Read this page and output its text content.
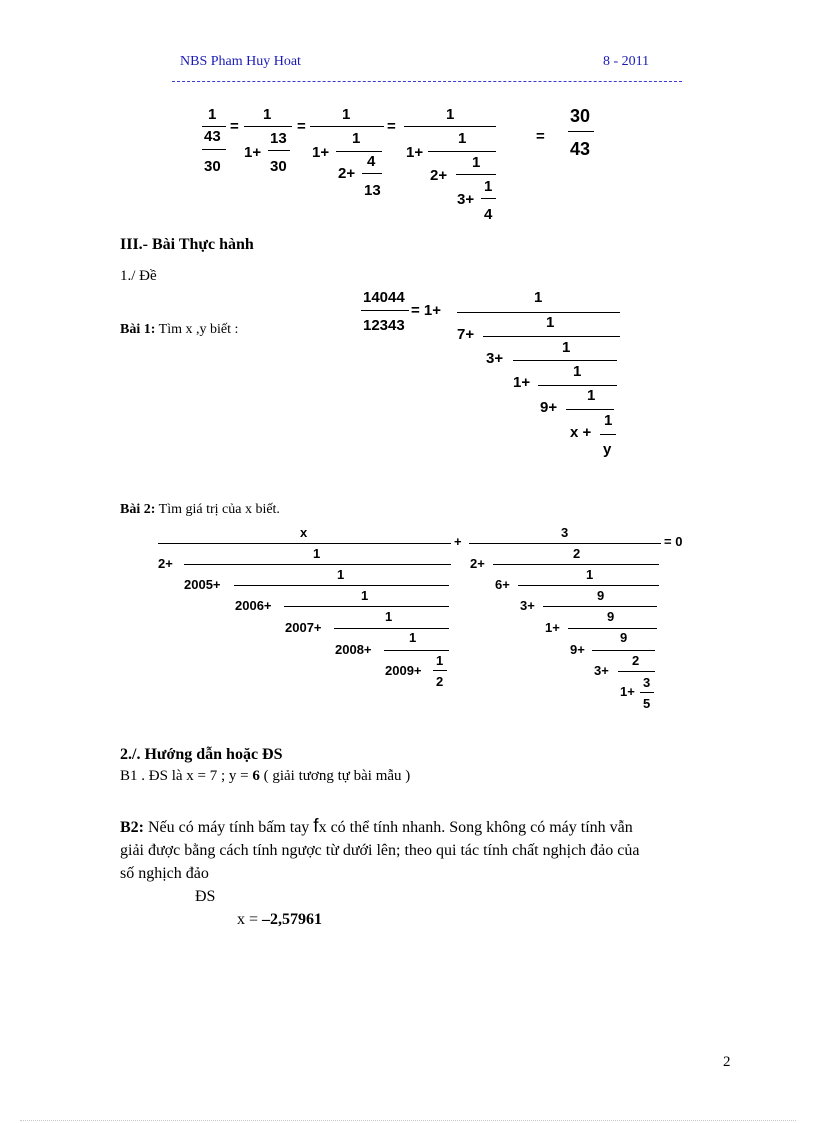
NBS Pham Huy Hoat	8 - 2011
1
43
30
=
1
1+
13
30
=
1
1+
1
2+
4
13
=
1
1+
1
2+
1
3+
1
4
=
30
43
III.- Bài Thực hành
1./ Đề
Bài 1: Tìm x ,y biết :
14044
12343
= 1+
1
7+
1
3+
1
1+
1
9+
1
x +
1
y
Bài 2: Tìm giá trị của x biết.
x
2+
1
2005+
1
2006+
1
2007+
1
2008+
1
2009+
1
2
+
3
2+
2
6+
1
3+
9
1+
9
9+
9
3+
2
1+
3
5
= 0
2./. Hướng dẫn hoặc ĐS
B1 . ĐS là x = 7 ; y = 6 ( giải tương tự bài mẫu )
B2: Nếu có máy tính bấm tay fx có thể tính nhanh. Song không có máy tính vẫn
giải được bằng cách tính ngược từ dưới lên; theo qui tác tính chất nghịch đảo của
số nghịch đảo
ĐS
x = –2,57961
2
